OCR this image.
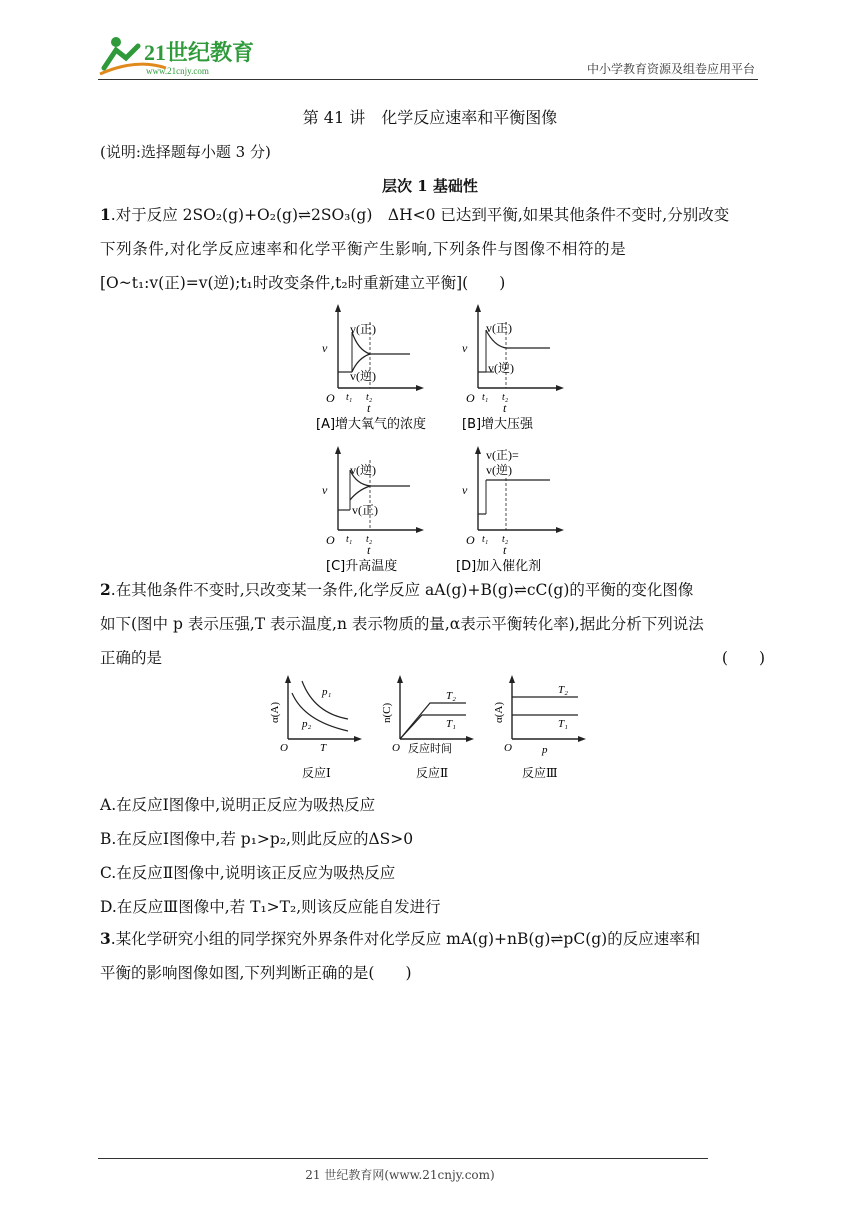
21世纪教育
www.21cnjy.com	中小学教育资源及组卷应用平台
第 41 讲　化学反应速率和平衡图像
(说明:选择题每小题 3 分)
层次 1 基础性
1.对于反应 2SO₂(g)+O₂(g)⇌2SO₃(g)　ΔH<0 已达到平衡,如果其他条件不变时,分别改变
下列条件,对化学反应速率和化学平衡产生影响,下列条件与图像不相符的是
[O~t₁:v(正)=v(逆);t₁时改变条件,t₂时重新建立平衡](　　)
v(正)
v(逆)
v
O t₁ t₂
t
[A]增大氧气的浓度
v(正)
v(逆)
v
O t₁ t₂
t
[B]增大压强
v(逆)
v(正)
v
O t₁ t₂
t
[C]升高温度
v(正)=
v(逆)
v
O t₁ t₂
t
[D]加入催化剂
2.在其他条件不变时,只改变某一条件,化学反应 aA(g)+B(g)⇌cC(g)的平衡的变化图像
如下(图中 p 表示压强,T 表示温度,n 表示物质的量,α表示平衡转化率),据此分析下列说法
正确的是	(　　)
p₁
p₂
α(A)
O	T
反应Ⅰ
T₂
T₁
n(C)
O 反应时间
反应Ⅱ
T₂
T₁
α(A)
O	p
反应Ⅲ
A.在反应Ⅰ图像中,说明正反应为吸热反应
B.在反应Ⅰ图像中,若 p₁>p₂,则此反应的ΔS>0
C.在反应Ⅱ图像中,说明该正反应为吸热反应
D.在反应Ⅲ图像中,若 T₁>T₂,则该反应能自发进行
3.某化学研究小组的同学探究外界条件对化学反应 mA(g)+nB(g)⇌pC(g)的反应速率和
平衡的影响图像如图,下列判断正确的是(　　)
21 世纪教育网(www.21cnjy.com)
